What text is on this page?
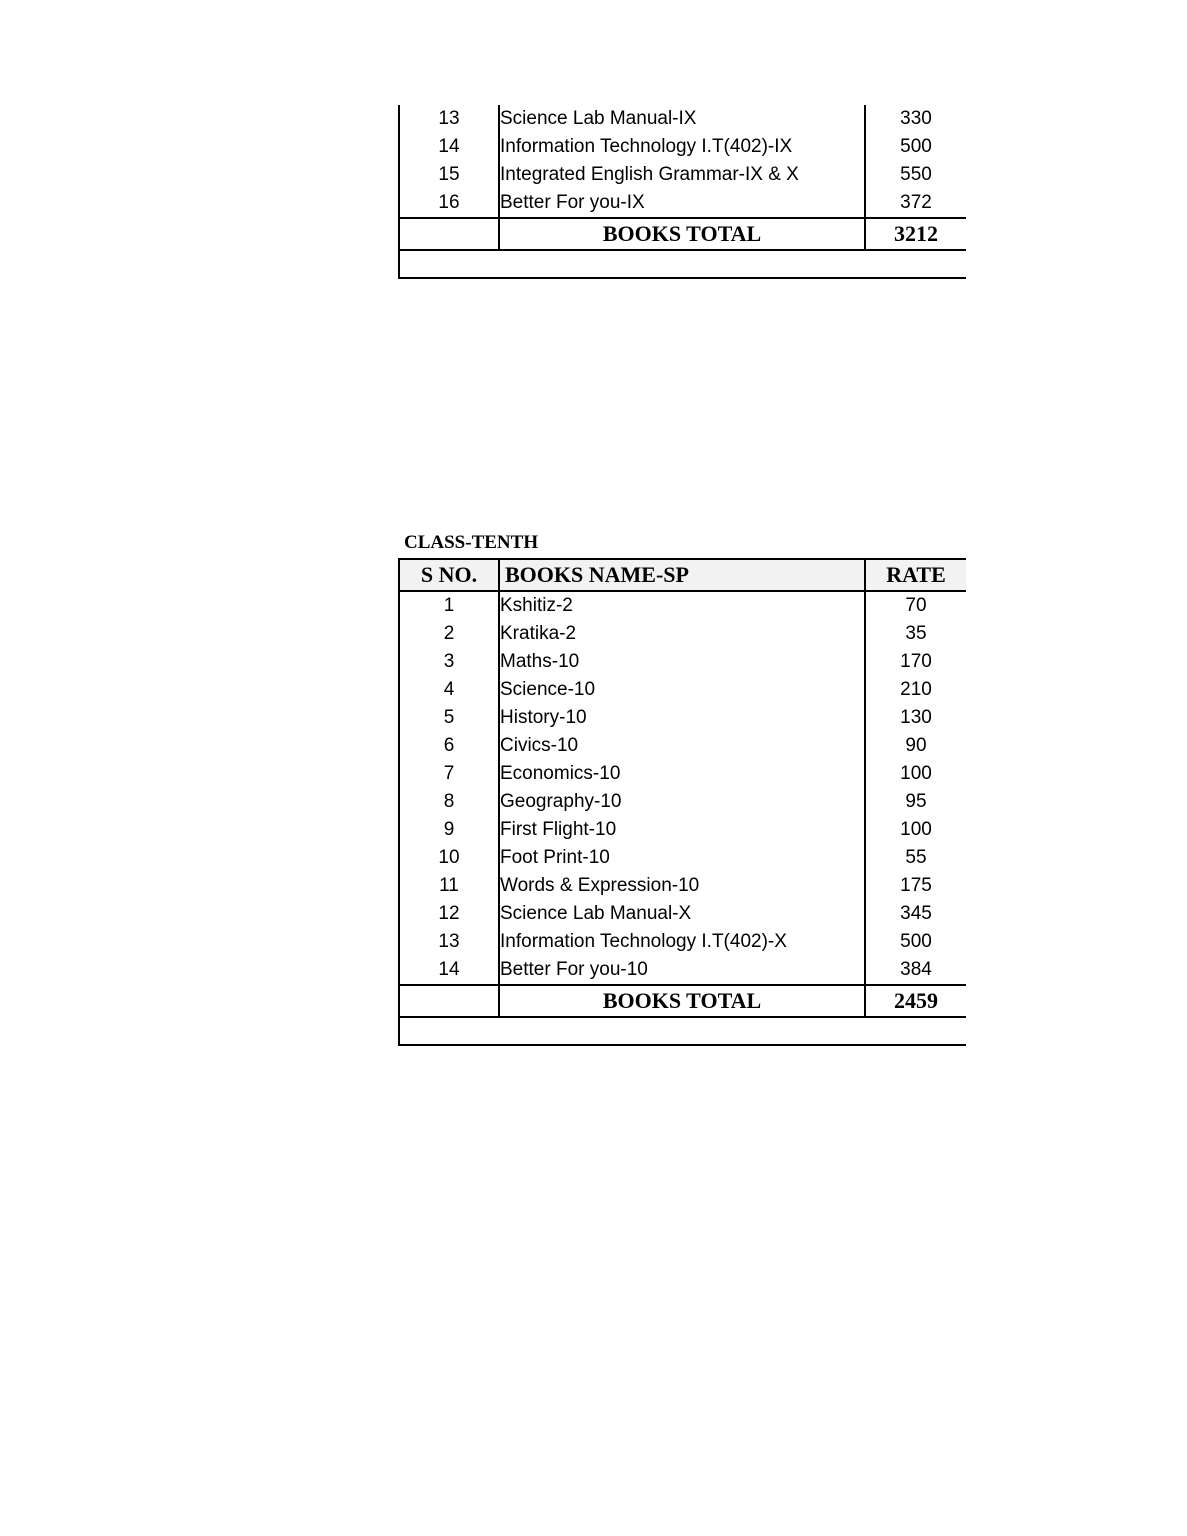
13	Science Lab Manual-IX	330
14	Information Technology I.T(402)-IX	500
15	Integrated English Grammar-IX & X	550
16	Better For you-IX	372
	BOOKS TOTAL	3212

CLASS-TENTH
S NO.	BOOKS NAME-SP	RATE
1	Kshitiz-2	70
2	Kratika-2	35
3	Maths-10	170
4	Science-10	210
5	History-10	130
6	Civics-10	90
7	Economics-10	100
8	Geography-10	95
9	First Flight-10	100
10	Foot Print-10	55
11	Words & Expression-10	175
12	Science Lab Manual-X	345
13	Information Technology I.T(402)-X	500
14	Better For you-10	384
	BOOKS TOTAL	2459
